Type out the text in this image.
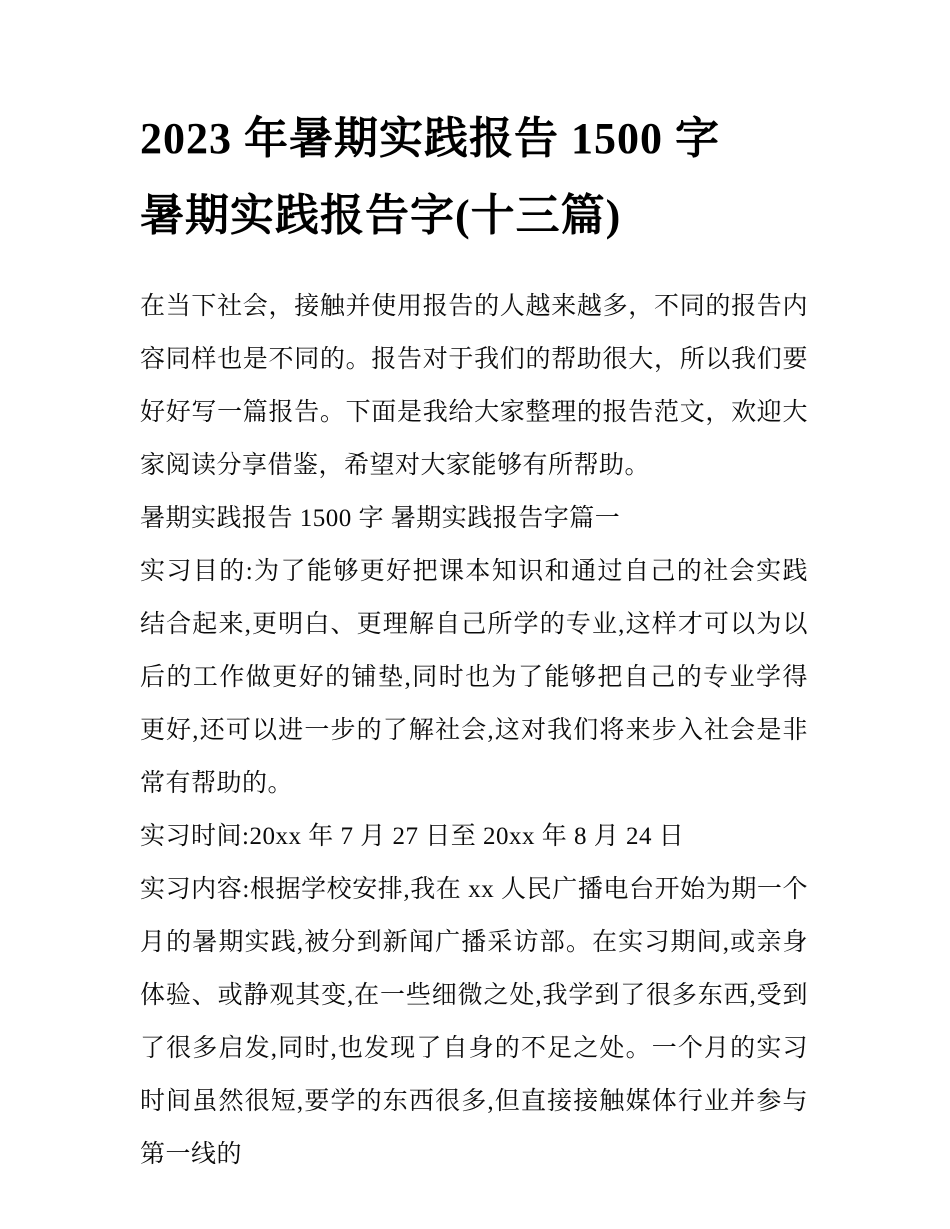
2023 年暑期实践报告 1500 字
暑期实践报告字(十三篇)

在当下社会，接触并使用报告的人越来越多，不同的报告内容同样也是不同的。报告对于我们的帮助很大，所以我们要好好写一篇报告。下面是我给大家整理的报告范文，欢迎大家阅读分享借鉴，希望对大家能够有所帮助。

暑期实践报告 1500 字 暑期实践报告字篇一

实习目的:为了能够更好把课本知识和通过自己的社会实践结合起来,更明白、更理解自己所学的专业,这样才可以为以后的工作做更好的铺垫,同时也为了能够把自己的专业学得更好,还可以进一步的了解社会,这对我们将来步入社会是非常有帮助的。

实习时间:20xx 年 7 月 27 日至 20xx 年 8 月 24 日

实习内容:根据学校安排,我在 xx 人民广播电台开始为期一个月的暑期实践,被分到新闻广播采访部。在实习期间,或亲身体验、或静观其变,在一些细微之处,我学到了很多东西,受到了很多启发,同时,也发现了自身的不足之处。一个月的实习时间虽然很短,要学的东西很多,但直接接触媒体行业并参与第一线的
